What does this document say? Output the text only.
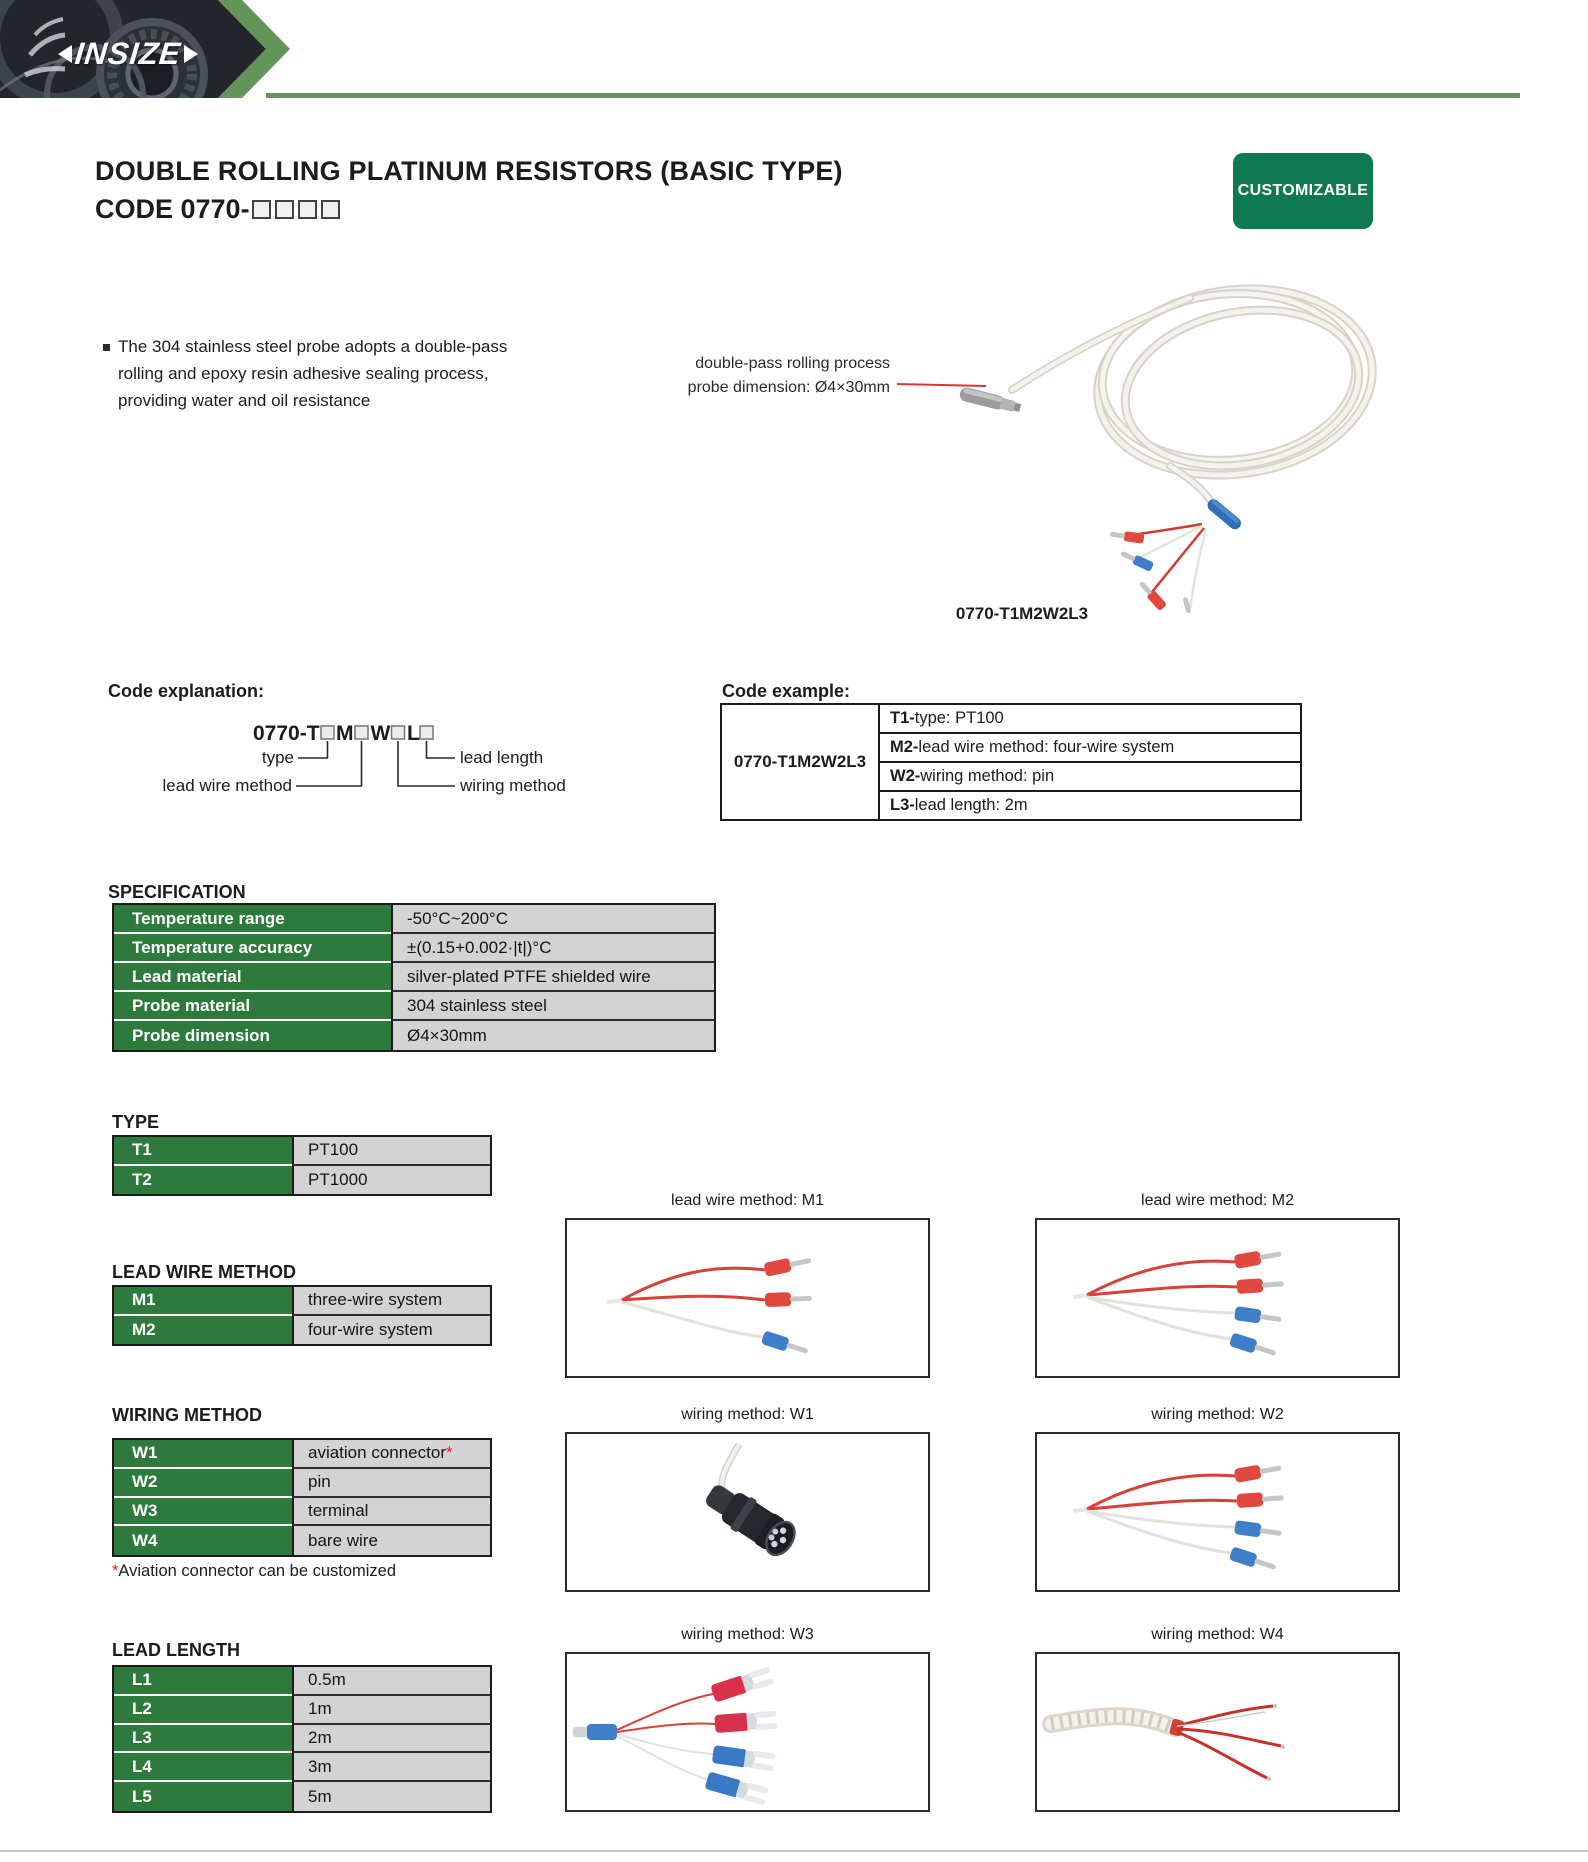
INSIZE
DOUBLE ROLLING PLATINUM RESISTORS (BASIC TYPE)
CODE 0770-
CUSTOMIZABLE
The 304 stainless steel probe adopts a double-pass rolling and epoxy resin adhesive sealing process, providing water and oil resistance
double-pass rolling process
probe dimension: Ø4×30mm
0770-T1M2W2L3
Code explanation:
0770-T M W L
type
lead wire method
lead length
wiring method
Code example:
0770-T1M2W2L3
T1- type: PT100
M2- lead wire method: four-wire system
W2- wiring method: pin
L3- lead length: 2m
SPECIFICATION
Temperature range	-50°C~200°C
Temperature accuracy	±(0.15+0.002·|t|)°C
Lead material	silver-plated PTFE shielded wire
Probe material	304 stainless steel
Probe dimension	Ø4×30mm
TYPE
T1	PT100
T2	PT1000
LEAD WIRE METHOD
M1	three-wire system
M2	four-wire system
WIRING METHOD
W1	aviation connector *
W2	pin
W3	terminal
W4	bare wire
*Aviation connector can be customized
LEAD LENGTH
L1	0.5m
L2	1m
L3	2m
L4	3m
L5	5m
lead wire method: M1	lead wire method: M2
wiring method: W1	wiring method: W2
wiring method: W3	wiring method: W4
